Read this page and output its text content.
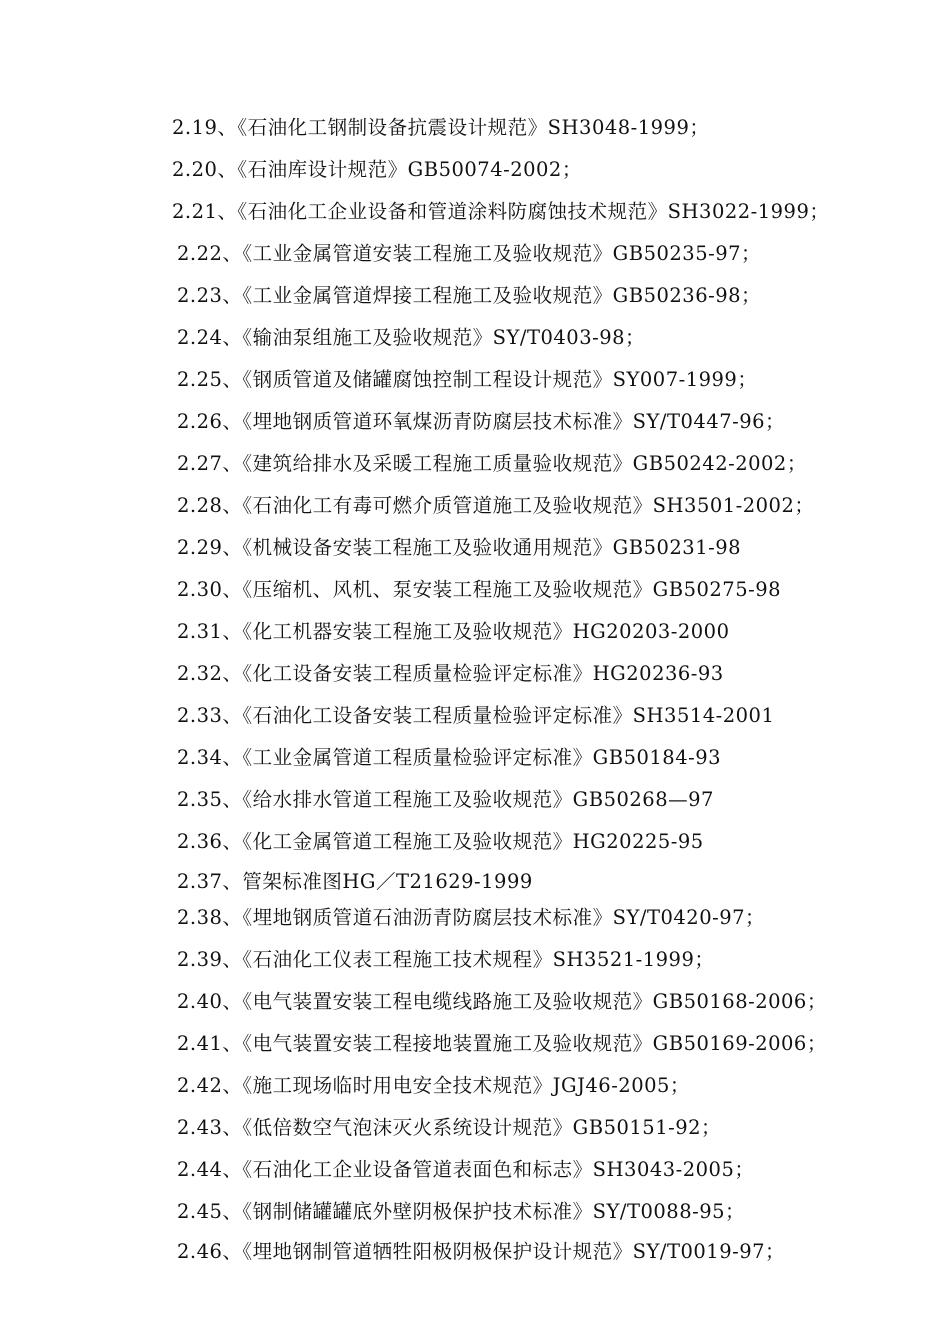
2.19、《石油化工钢制设备抗震设计规范》SH3048-1999；
2.20、《石油库设计规范》GB50074-2002；
2.21、《石油化工企业设备和管道涂料防腐蚀技术规范》SH3022-1999；
2.22、《工业金属管道安装工程施工及验收规范》GB50235-97；
2.23、《工业金属管道焊接工程施工及验收规范》GB50236-98；
2.24、《输油泵组施工及验收规范》SY/T0403-98；
2.25、《钢质管道及储罐腐蚀控制工程设计规范》SY007-1999；
2.26、《埋地钢质管道环氧煤沥青防腐层技术标准》SY/T0447-96；
2.27、《建筑给排水及采暖工程施工质量验收规范》GB50242-2002；
2.28、《石油化工有毒可燃介质管道施工及验收规范》SH3501-2002；
2.29、《机械设备安装工程施工及验收通用规范》GB50231-98
2.30、《压缩机、风机、泵安装工程施工及验收规范》GB50275-98
2.31、《化工机器安装工程施工及验收规范》HG20203-2000
2.32、《化工设备安装工程质量检验评定标准》HG20236-93
2.33、《石油化工设备安装工程质量检验评定标准》SH3514-2001
2.34、《工业金属管道工程质量检验评定标准》GB50184-93
2.35、《给水排水管道工程施工及验收规范》GB50268—97
2.36、《化工金属管道工程施工及验收规范》HG20225-95
2.37、管架标准图HG／T21629-1999
2.38、《埋地钢质管道石油沥青防腐层技术标准》SY/T0420-97；
2.39、《石油化工仪表工程施工技术规程》SH3521-1999；
2.40、《电气装置安装工程电缆线路施工及验收规范》GB50168-2006；
2.41、《电气装置安装工程接地装置施工及验收规范》GB50169-2006；
2.42、《施工现场临时用电安全技术规范》JGJ46-2005；
2.43、《低倍数空气泡沫灭火系统设计规范》GB50151-92；
2.44、《石油化工企业设备管道表面色和标志》SH3043-2005；
2.45、《钢制储罐罐底外壁阴极保护技术标准》SY/T0088-95；
2.46、《埋地钢制管道牺牲阳极阴极保护设计规范》SY/T0019-97；
